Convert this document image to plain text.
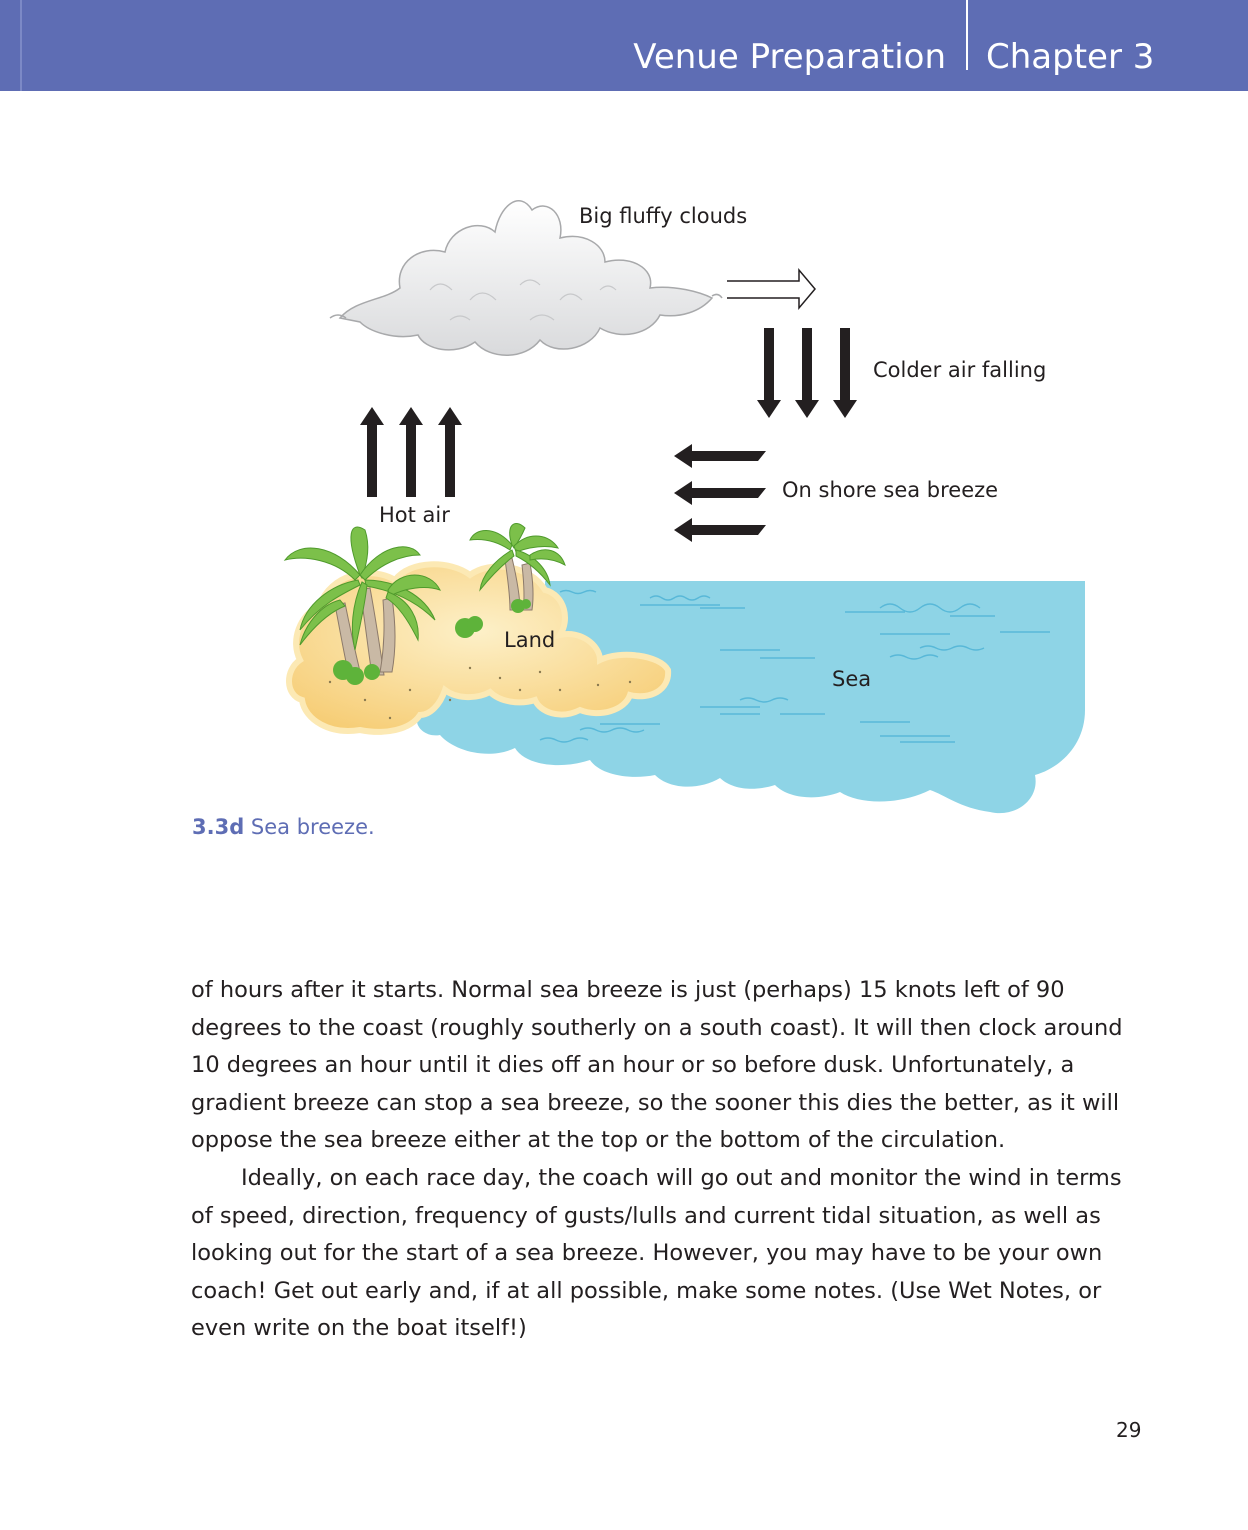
Venue Preparation Chapter 3
Big fluffy clouds
Colder air falling
On shore sea breeze
Hot air
Land
Sea
3.3d Sea breeze.

of hours after it starts. Normal sea breeze is just (perhaps) 15 knots left of 90 degrees to the coast (roughly southerly on a south coast). It will then clock around 10 degrees an hour until it dies off an hour or so before dusk. Unfortunately, a gradient breeze can stop a sea breeze, so the sooner this dies the better, as it will oppose the sea breeze either at the top or the bottom of the circulation.

Ideally, on each race day, the coach will go out and monitor the wind in terms of speed, direction, frequency of gusts/lulls and current tidal situation, as well as looking out for the start of a sea breeze. However, you may have to be your own coach! Get out early and, if at all possible, make some notes. (Use Wet Notes, or even write on the boat itself!)

29
